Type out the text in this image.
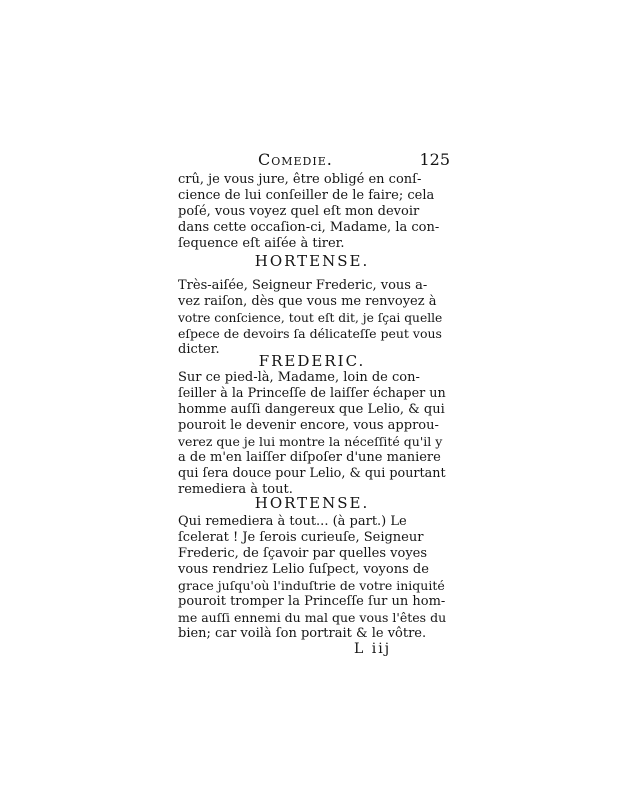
Comedie.	125
crû, je vous jure, être obligé en conſ-
cience de lui conſeiller de le faire; cela
poſé, vous voyez quel eſt mon devoir
dans cette occaſion-ci, Madame, la con-
ſequence eſt aiſée à tirer.
HORTENSE.
Très-aiſée, Seigneur Frederic, vous a-
vez raiſon, dès que vous me renvoyez à
votre conſcience, tout eſt dit, je ſçai quelle
eſpece de devoirs ſa délicateſſe peut vous
dicter.
FREDERIC.
Sur ce pied-là, Madame, loin de con-
ſeiller à la Princeſſe de laiſſer échaper un
homme auſſi dangereux que Lelio, & qui
pouroit le devenir encore, vous approu-
verez que je lui montre la néceſſité qu'il y
a de m'en laiſſer diſpoſer d'une maniere
qui ſera douce pour Lelio, & qui pourtant
remediera à tout.
HORTENSE.
Qui remediera à tout... (à part.) Le
ſcelerat ! Je ſerois curieuſe, Seigneur
Frederic, de ſçavoir par quelles voyes
vous rendriez Lelio ſuſpect, voyons de
grace juſqu'où l'induſtrie de votre iniquité
pouroit tromper la Princeſſe ſur un hom-
me auſſi ennemi du mal que vous l'êtes du
bien; car voilà ſon portrait & le vôtre.
L iij
